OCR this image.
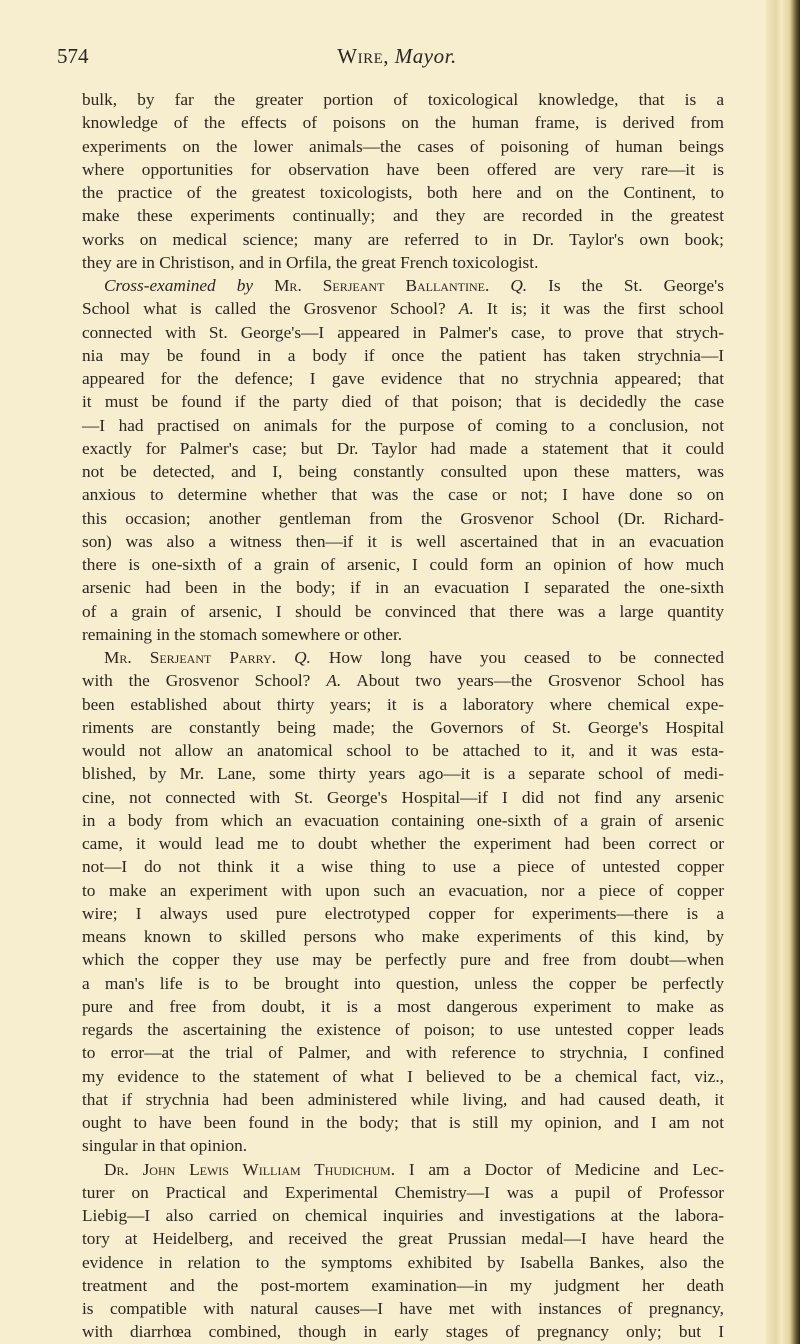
Wire, Mayor.
574
bulk, by far the greater portion of toxicological knowledge, that is a
knowledge of the effects of poisons on the human frame, is derived from
experiments on the lower animals—the cases of poisoning of human beings
where opportunities for observation have been offered are very rare—it is
the practice of the greatest toxicologists, both here and on the Continent, to
make these experiments continually; and they are recorded in the greatest
works on medical science; many are referred to in Dr. Taylor's own book;
they are in Christison, and in Orfila, the great French toxicologist.
Cross-examined by Mr. Serjeant Ballantine. Q. Is the St. George's
School what is called the Grosvenor School? A. It is; it was the first school
connected with St. George's—I appeared in Palmer's case, to prove that strych-
nia may be found in a body if once the patient has taken strychnia—I
appeared for the defence; I gave evidence that no strychnia appeared; that
it must be found if the party died of that poison; that is decidedly the case
—I had practised on animals for the purpose of coming to a conclusion, not
exactly for Palmer's case; but Dr. Taylor had made a statement that it could
not be detected, and I, being constantly consulted upon these matters, was
anxious to determine whether that was the case or not; I have done so on
this occasion; another gentleman from the Grosvenor School (Dr. Richard-
son) was also a witness then—if it is well ascertained that in an evacuation
there is one-sixth of a grain of arsenic, I could form an opinion of how much
arsenic had been in the body; if in an evacuation I separated the one-sixth
of a grain of arsenic, I should be convinced that there was a large quantity
remaining in the stomach somewhere or other.
Mr. Serjeant Parry. Q. How long have you ceased to be connected
with the Grosvenor School? A. About two years—the Grosvenor School has
been established about thirty years; it is a laboratory where chemical expe-
riments are constantly being made; the Governors of St. George's Hospital
would not allow an anatomical school to be attached to it, and it was esta-
blished, by Mr. Lane, some thirty years ago—it is a separate school of medi-
cine, not connected with St. George's Hospital—if I did not find any arsenic
in a body from which an evacuation containing one-sixth of a grain of arsenic
came, it would lead me to doubt whether the experiment had been correct or
not—I do not think it a wise thing to use a piece of untested copper
to make an experiment with upon such an evacuation, nor a piece of copper
wire; I always used pure electrotyped copper for experiments—there is a
means known to skilled persons who make experiments of this kind, by
which the copper they use may be perfectly pure and free from doubt—when
a man's life is to be brought into question, unless the copper be perfectly
pure and free from doubt, it is a most dangerous experiment to make as
regards the ascertaining the existence of poison; to use untested copper leads
to error—at the trial of Palmer, and with reference to strychnia, I confined
my evidence to the statement of what I believed to be a chemical fact, viz.,
that if strychnia had been administered while living, and had caused death, it
ought to have been found in the body; that is still my opinion, and I am not
singular in that opinion.
Dr. John Lewis William Thudichum. I am a Doctor of Medicine and Lec-
turer on Practical and Experimental Chemistry—I was a pupil of Professor
Liebig—I also carried on chemical inquiries and investigations at the labora-
tory at Heidelberg, and received the great Prussian medal—I have heard the
evidence in relation to the symptoms exhibited by Isabella Bankes, also the
treatment and the post-mortem examination—in my judgment her death
is compatible with natural causes—I have met with instances of pregnancy,
with diarrhœa combined, though in early stages of pregnancy only; but I
